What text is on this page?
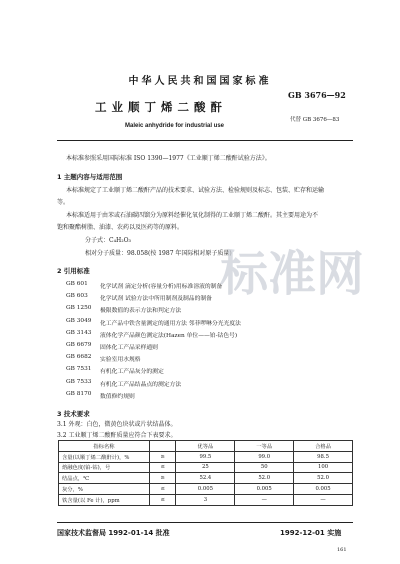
中华人民共和国国家标准
GB 3676—92
工业顺丁烯二酸酐
代替 GB 3676—83
Maleic anhydride for industrial use
本标准参照采用国际标准 ISO 1390—1977《工业顺丁烯二酸酐试验方法》。
1 主题内容与适用范围
本标准规定了工业顺丁烯二酸酐产品的技术要求、试验方法、检验规则及标志、包装、贮存和运输
等。
本标准适用于由苯或石油碳四馏分为原料经催化氧化制得的工业顺丁烯二酸酐。其主要用途为不
饱和聚酯树脂、油漆、农药以及医药等的原料。
分子式：C₄H₂O₃
相对分子质量：98.058(按 1987 年国际相对原子质量)
2 引用标准
GB 601 化学试剂 滴定分析(容量分析)用标准溶液的制备
GB 603 化学试剂 试验方法中所用制剂及制品的制备
GB 1250 极限数值的表示方法和判定方法
GB 3049 化工产品中铁含量测定的通用方法 邻菲啰啉分光光度法
GB 3143 液体化学产品颜色测定法(Hazen 单位——铂-钴色号)
GB 6679 固体化工产品采样通则
GB 6682 实验室用水规格
GB 7531 有机化工产品灰分的测定
GB 7533 有机化工产品结晶点的测定方法
GB 8170 数值修约规则
3 技术要求
3.1 外观：白色，微黄色块状或片状结晶体。
3.2 工业顺丁烯二酸酐质量应符合下表要求。
指标名称		优等品	一等品	合格品
含量(以顺丁烯二酸酐计)，%	≥	99.5	99.0	98.5
熔融色度(铂-钴)，号	≤	25	50	100
结晶点，℃	≥	52.4	52.0	52.0
灰分，%	≤	0.005	0.005	0.005
铁含量(以 Fe 计)，ppm	≤	3	—	—
国家技术监督局 1992-01-14 批准	1992-12-01 实施
161
标准网
